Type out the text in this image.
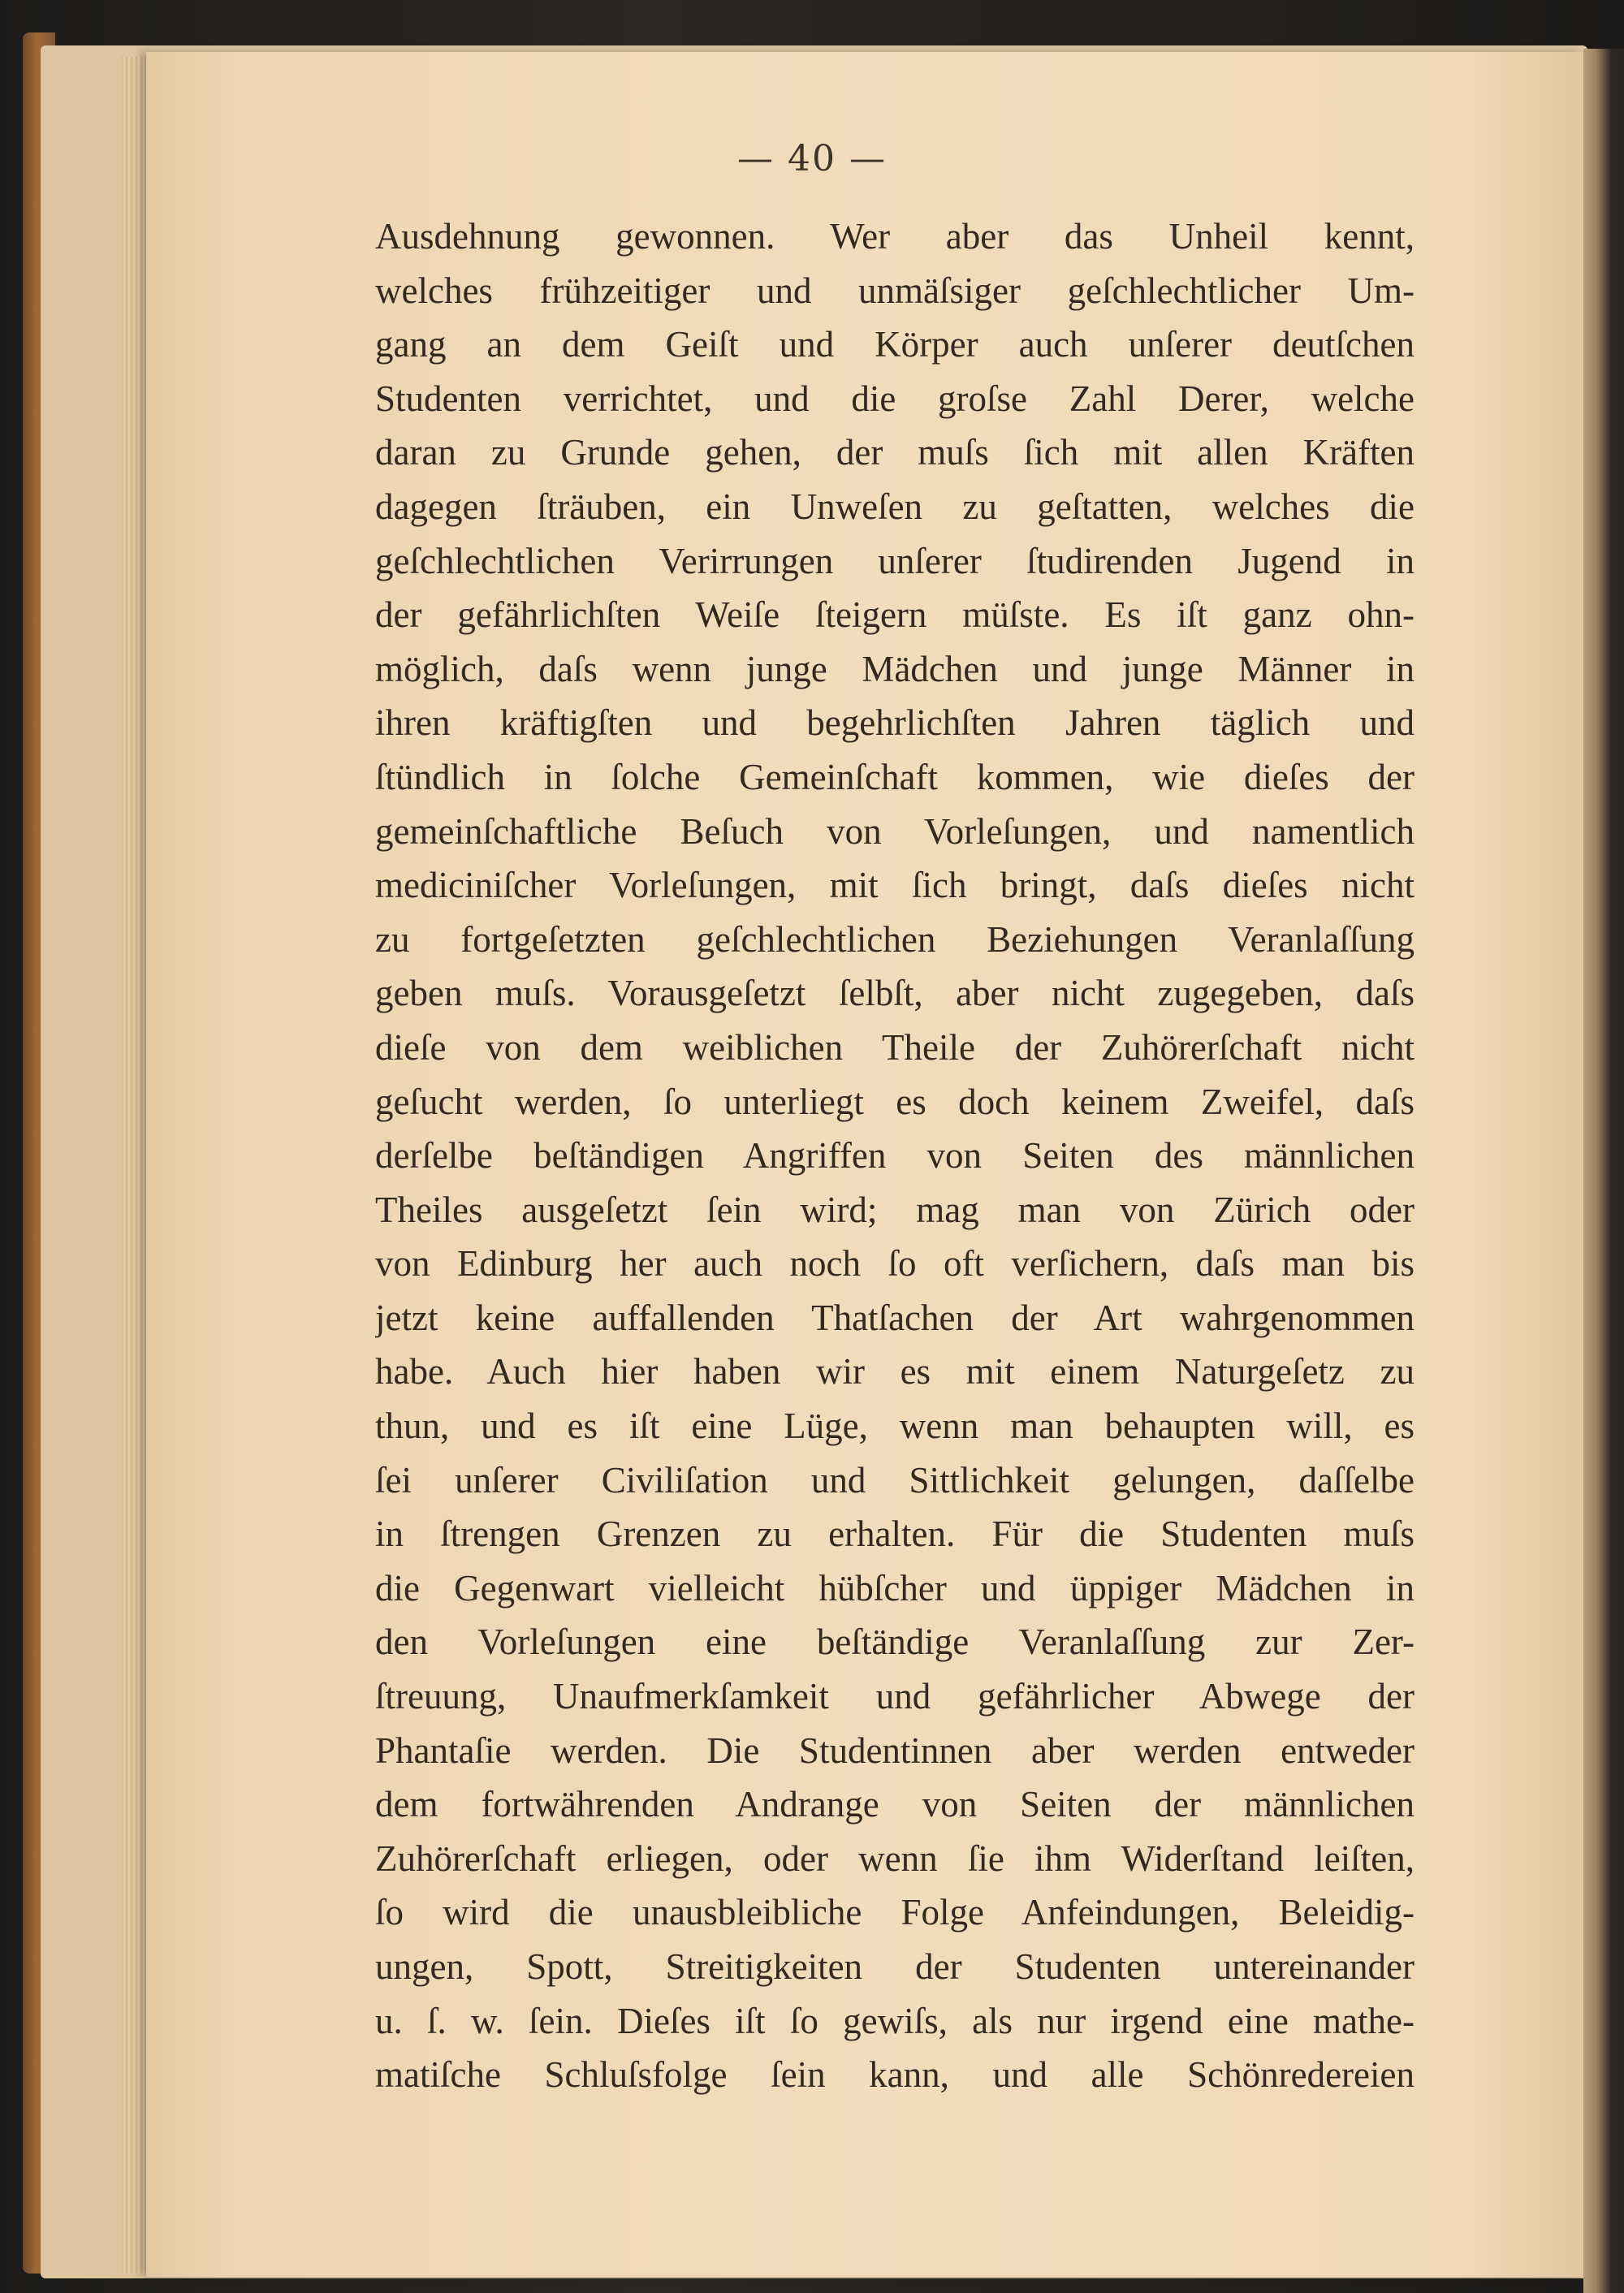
— 40 —
Ausdehnung gewonnen. Wer aber das Unheil kennt,
welches frühzeitiger und unmäſsiger geſchlechtlicher Um-
gang an dem Geiſt und Körper auch unſerer deutſchen
Studenten verrichtet, und die groſse Zahl Derer, welche
daran zu Grunde gehen, der muſs ſich mit allen Kräften
dagegen ſträuben, ein Unweſen zu geſtatten, welches die
geſchlechtlichen Verirrungen unſerer ſtudirenden Jugend in
der gefährlichſten Weiſe ſteigern müſste. Es iſt ganz ohn-
möglich, daſs wenn junge Mädchen und junge Männer in
ihren kräftigſten und begehrlichſten Jahren täglich und
ſtündlich in ſolche Gemeinſchaft kommen, wie dieſes der
gemeinſchaftliche Beſuch von Vorleſungen, und namentlich
mediciniſcher Vorleſungen, mit ſich bringt, daſs dieſes nicht
zu fortgeſetzten geſchlechtlichen Beziehungen Veranlaſſung
geben muſs. Vorausgeſetzt ſelbſt, aber nicht zugegeben, daſs
dieſe von dem weiblichen Theile der Zuhörerſchaft nicht
geſucht werden, ſo unterliegt es doch keinem Zweifel, daſs
derſelbe beſtändigen Angriffen von Seiten des männlichen
Theiles ausgeſetzt ſein wird; mag man von Zürich oder
von Edinburg her auch noch ſo oft verſichern, daſs man bis
jetzt keine auffallenden Thatſachen der Art wahrgenommen
habe. Auch hier haben wir es mit einem Naturgeſetz zu
thun, und es iſt eine Lüge, wenn man behaupten will, es
ſei unſerer Civiliſation und Sittlichkeit gelungen, daſſelbe
in ſtrengen Grenzen zu erhalten. Für die Studenten muſs
die Gegenwart vielleicht hübſcher und üppiger Mädchen in
den Vorleſungen eine beſtändige Veranlaſſung zur Zer-
ſtreuung, Unaufmerkſamkeit und gefährlicher Abwege der
Phantaſie werden. Die Studentinnen aber werden entweder
dem fortwährenden Andrange von Seiten der männlichen
Zuhörerſchaft erliegen, oder wenn ſie ihm Widerſtand leiſten,
ſo wird die unausbleibliche Folge Anfeindungen, Beleidig-
ungen, Spott, Streitigkeiten der Studenten untereinander
u. ſ. w. ſein. Dieſes iſt ſo gewiſs, als nur irgend eine mathe-
matiſche Schluſsfolge ſein kann, und alle Schönredereien
